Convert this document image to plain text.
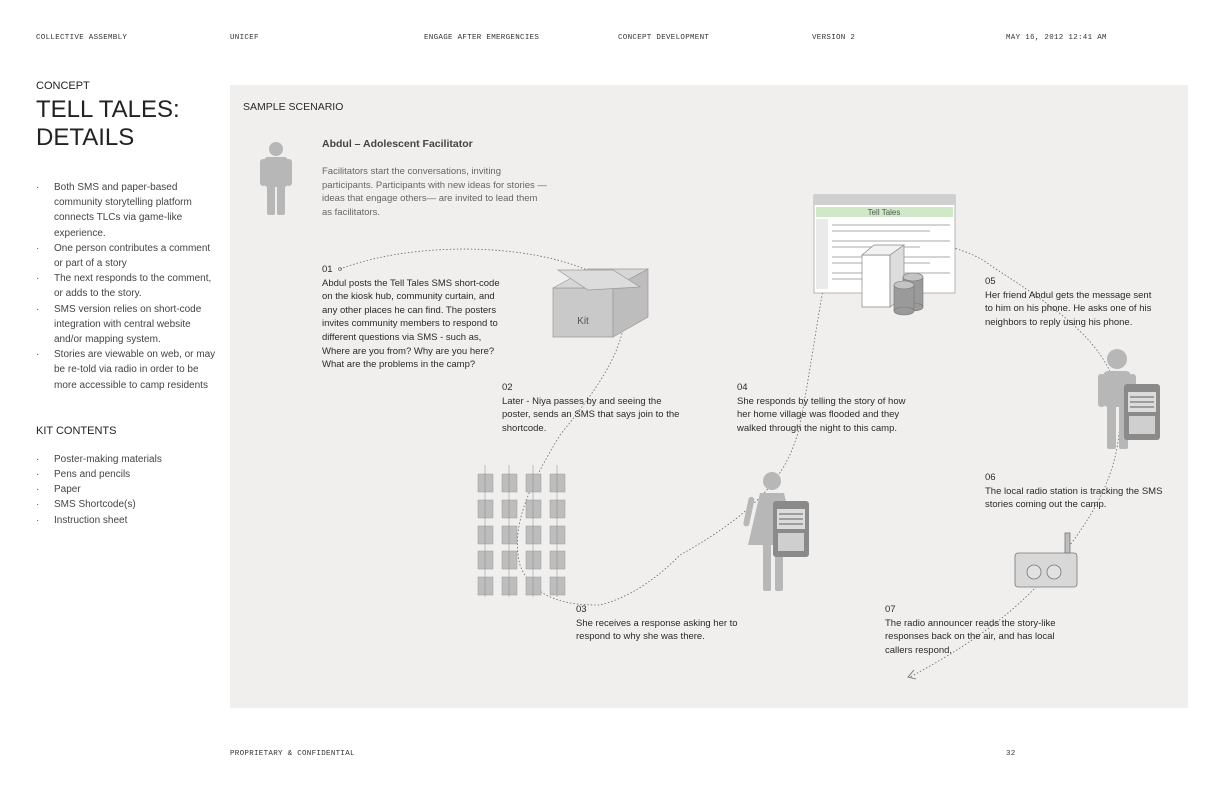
COLLECTIVE ASSEMBLY	UNICEF	ENGAGE AFTER EMERGENCIES	CONCEPT DEVELOPMENT	VERSION 2	MAY 16, 2012 12:41 AM
CONCEPT
TELL TALES:
DETAILS
· Both SMS and paper-based community storytelling platform connects TLCs via game-like experience.
· One person contributes a comment or part of a story
· The next responds to the comment, or adds to the story.
· SMS version relies on short-code integration with central website and/or mapping system.
· Stories are viewable on web, or may be re-told via radio in order to be more accessible to camp residents
KIT CONTENTS
· Poster-making materials
· Pens and pencils
· Paper
· SMS Shortcode(s)
· Instruction sheet
Kit
Tell Tales
SAMPLE SCENARIO
Abdul – Adolescent Facilitator
Facilitators start the conversations, inviting participants. Participants with new ideas for stories —ideas that engage others— are invited to lead them as facilitators.
01
Abdul posts the Tell Tales SMS short-code on the kiosk hub, community curtain, and any other places he can find. The posters invites community members to respond to different questions via SMS - such as, Where are you from? Why are you here? What are the problems in the camp?
02
Later - Niya passes by and seeing the poster, sends an SMS that says join to the shortcode.
03
She receives a response asking her to respond to why she was there.
04
She responds by telling the story of how her home village was flooded and they walked through the night to this camp.
05
Her friend Abdul gets the message sent to him on his phone. He asks one of his neighbors to reply using his phone.
06
The local radio station is tracking the SMS stories coming out the camp.
07
The radio announcer reads the story-like responses back on the air, and has local callers respond.
PROPRIETARY & CONFIDENTIAL	32
